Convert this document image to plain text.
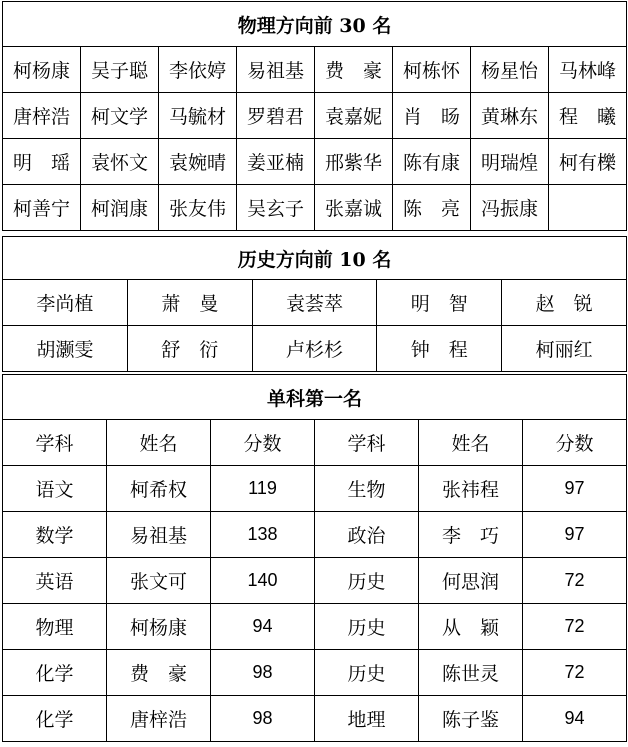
物理方向前 30 名							
柯杨康	吴子聪	李依婷	易祖基	费　豪	柯栋怀	杨星怡	马林峰
唐梓浩	柯文学	马毓材	罗碧君	袁嘉妮	肖　旸	黄琳东	程　曦
明　瑶	袁怀文	袁婉晴	姜亚楠	邢紫华	陈有康	明瑞煌	柯有櫟
柯善宁	柯润康	张友伟	吴玄子	张嘉诚	陈　亮	冯振康	
历史方向前 10 名				
李尚植	萧　曼	袁荟萃	明　智	赵　锐
胡灏雯	舒　衍	卢杉杉	钟　程	柯丽红
单科第一名					
学科	姓名	分数	学科	姓名	分数
语文	柯希权	119	生物	张祎程	97
数学	易祖基	138	政治	李　巧	97
英语	张文可	140	历史	何思润	72
物理	柯杨康	94	历史	从　颖	72
化学	费　豪	98	历史	陈世灵	72
化学	唐梓浩	98	地理	陈子鉴	94
